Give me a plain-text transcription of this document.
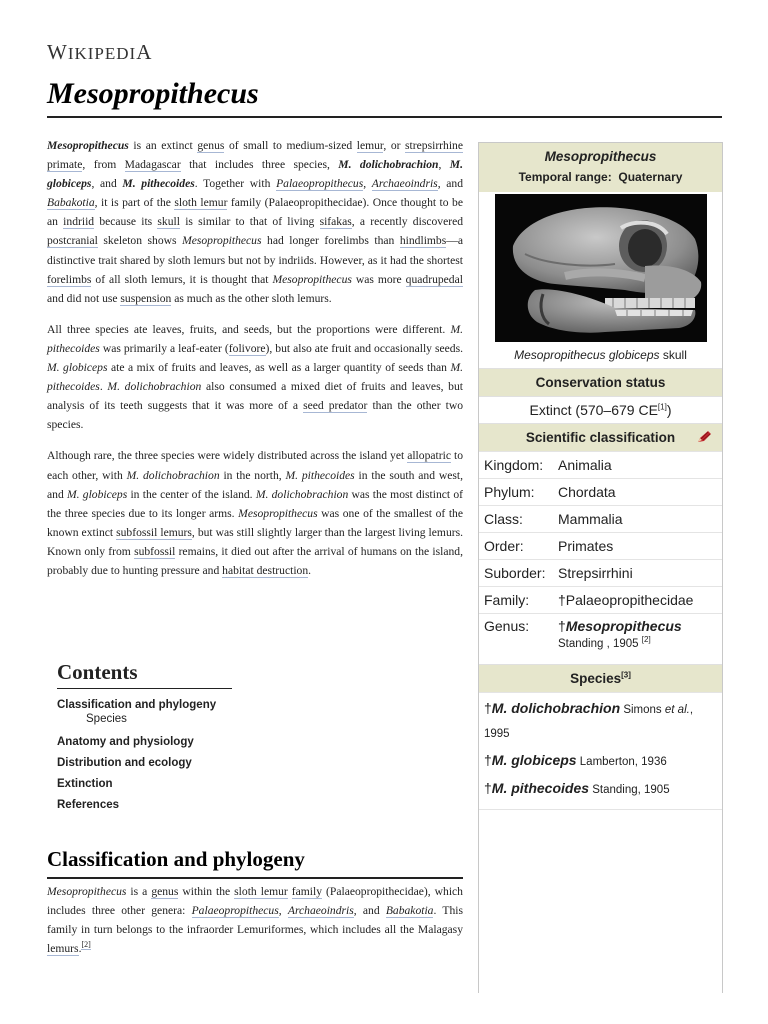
WIKIPEDIA
Mesopropithecus

Mesopropithecus is an extinct genus of small to medium-sized lemur, or strepsirrhine primate, from Madagascar that includes three species, M. dolichobrachion, M. globiceps, and M. pithecoides. Together with Palaeopropithecus, Archaeoindris, and Babakotia, it is part of the sloth lemur family (Palaeopropithecidae). Once thought to be an indriid because its skull is similar to that of living sifakas, a recently discovered postcranial skeleton shows Mesopropithecus had longer forelimbs than hindlimbs—a distinctive trait shared by sloth lemurs but not by indriids. However, as it had the shortest forelimbs of all sloth lemurs, it is thought that Mesopropithecus was more quadrupedal and did not use suspension as much as the other sloth lemurs.

All three species ate leaves, fruits, and seeds, but the proportions were different. M. pithecoides was primarily a leaf-eater (folivore), but also ate fruit and occasionally seeds. M. globiceps ate a mix of fruits and leaves, as well as a larger quantity of seeds than M. pithecoides. M. dolichobrachion also consumed a mixed diet of fruits and leaves, but analysis of its teeth suggests that it was more of a seed predator than the other two species.

Although rare, the three species were widely distributed across the island yet allopatric to each other, with M. dolichobrachion in the north, M. pithecoides in the south and west, and M. globiceps in the center of the island. M. dolichobrachion was the most distinct of the three species due to its longer arms. Mesopropithecus was one of the smallest of the known extinct subfossil lemurs, but was still slightly larger than the largest living lemurs. Known only from subfossil remains, it died out after the arrival of humans on the island, probably due to hunting pressure and habitat destruction.

Contents
Classification and phylogeny
Species
Anatomy and physiology
Distribution and ecology
Extinction
References
Classification and phylogeny

Mesopropithecus is a genus within the sloth lemur family (Palaeopropithecidae), which includes three other genera: Palaeopropithecus, Archaeoindris, and Babakotia. This family in turn belongs to the infraorder Lemuriformes, which includes all the Malagasy lemurs.[2]

Mesopropithecus
Temporal range: Quaternary
Mesopropithecus globiceps skull
Conservation status
Extinct (570–679 CE[1])
Scientific classification
Kingdom:	Animalia
Phylum:	Chordata
Class:	Mammalia
Order:	Primates
Suborder: Strepsirrhini
Family:	†Palaeopropithecidae
Genus:	†Mesopropithecus
Standing , 1905 [2]
Species[3]
†M. dolichobrachion Simons et al., 1995
†M. globiceps Lamberton, 1936
†M. pithecoides Standing, 1905
